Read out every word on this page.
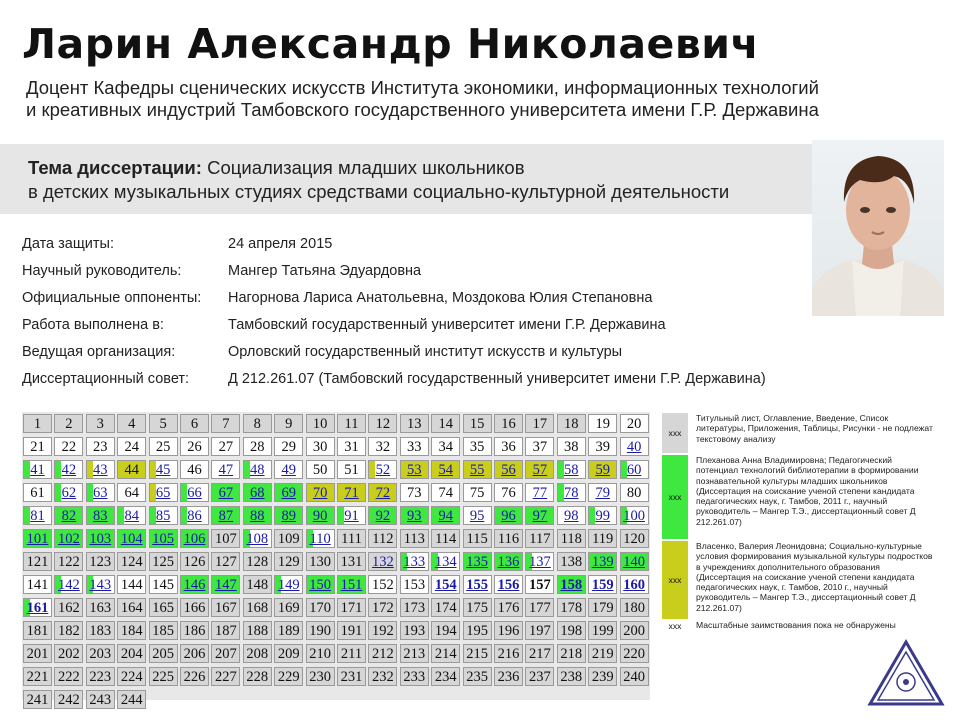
Ларин Александр Николаевич
Доцент Кафедры сценических искусств Института экономики, информационных технологий
и креативных индустрий Тамбовского государственного университета имени Г.Р. Державина
Тема диссертации: Социализация младших школьников
в детских музыкальных студиях средствами социально-культурной деятельности
Дата защиты:	24 апреля 2015
Научный руководитель:	Мангер Татьяна Эдуардовна
Официальные оппоненты: Нагорнова Лариса Анатольевна, Моздокова Юлия Степановна
Работа выполнена в:	Тамбовский государственный университет имени Г.Р. Державина
Ведущая организация:	Орловский государственный институт искусств и культуры
Диссертационный совет:	Д 212.261.07 (Тамбовский государственный университет имени Г.Р. Державина)
1	2	3	4	5	6	7	8	9	10	11	12	13	14	15	16	17	18	19	20
21	22	23	24	25	26	27	28	29	30	31	32	33	34	35	36	37	38	39	40
41	42	43	44	45	46	47	48	49	50	51	52	53	54	55	56	57	58	59	60
61	62	63	64	65	66	67	68	69	70	71	72	73	74	75	76	77	78	79	80
81	82	83	84	85	86	87	88	89	90	91	92	93	94	95	96	97	98	99 100
101 102 103 104 105 106 107 108 109 110 111 112 113 114 115 116 117 118 119 120
121 122 123 124 125 126 127 128 129 130 131 132 133 134 135 136 137 138 139 140
141 142 143 144 145 146 147 148 149 150 151 152 153 154 155 156 157 158 159 160
161 162 163 164 165 166 167 168 169 170 171 172 173 174 175 176 177 178 179 180
181 182 183 184 185 186 187 188 189 190 191 192 193 194 195 196 197 198 199 200
201 202 203 204 205 206 207 208 209 210 211 212 213 214 215 216 217 218 219 220
221 222 223 224 225 226 227 228 229 230 231 232 233 234 235 236 237 238 239 240
241 242 243 244
xxx
Титульный лист, Оглавление, Введение, Список литературы, Приложения, Таблицы, Рисунки - не подлежат текстовому анализу
xxx
Плеханова Анна Владимировна; Педагогический потенциал технологий библиотерапии в формировании познавательной культуры младших школьников (Диссертация на соискание ученой степени кандидата педагогических наук, г. Тамбов, 2011 г., научный руководитель – Мангер Т.Э., диссертационный совет Д 212.261.07)
xxx
Власенко, Валерия Леонидовна; Социально-культурные условия формирования музыкальной культуры подростков в учреждениях дополнительного образования (Диссертация на соискание ученой степени кандидата педагогических наук, г. Тамбов, 2010 г., научный руководитель – Мангер Т.Э., диссертационный совет Д 212.261.07)
xxx	Масштабные заимствования пока не обнаружены
